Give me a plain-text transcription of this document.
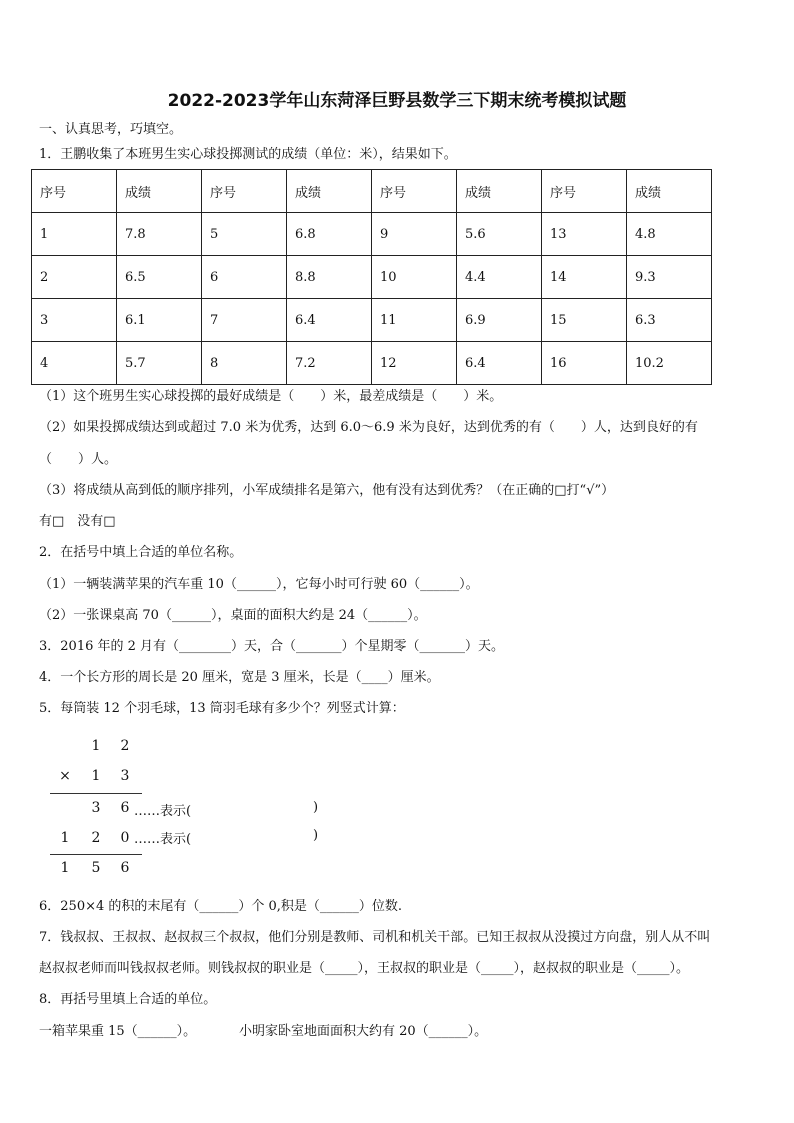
2022-2023学年山东菏泽巨野县数学三下期末统考模拟试题
一、认真思考，巧填空。
1．王鹏收集了本班男生实心球投掷测试的成绩（单位：米），结果如下。
序号	成绩	序号	成绩	序号	成绩	序号	成绩
1	7.8	5	6.8	9	5.6	13	4.8
2	6.5	6	8.8	10	4.4	14	9.3
3	6.1	7	6.4	11	6.9	15	6.3
4	5.7	8	7.2	12	6.4	16	10.2
（1）这个班男生实心球投掷的最好成绩是（　　）米，最差成绩是（　　）米。
（2）如果投掷成绩达到或超过 7.0 米为优秀，达到 6.0～6.9 米为良好，达到优秀的有（　　）人，达到良好的有
（　　）人。
（3）将成绩从高到低的顺序排列，小军成绩排名是第六，他有没有达到优秀？（在正确的□打“√”）
有□　没有□
2．在括号中填上合适的单位名称。
（1）一辆装满苹果的汽车重 10（______），它每小时可行驶 60（______）。
（2）一张课桌高 70（______），桌面的面积大约是 24（______）。
3．2016 年的 2 月有（________）天，合（_______）个星期零（_______）天。
4．一个长方形的周长是 20 厘米，宽是 3 厘米，长是（____）厘米。
5．每筒装 12 个羽毛球，13 筒羽毛球有多少个？列竖式计算：
1 2
× 1 3
3 6 ……表示(	)
1 2 0 ……表示(	)
1 5 6
6．250×4 的积的末尾有（______）个 0,积是（______）位数.
7．钱叔叔、王叔叔、赵叔叔三个叔叔，他们分别是教师、司机和机关干部。已知王叔叔从没摸过方向盘，别人从不叫
赵叔叔老师而叫钱叔叔老师。则钱叔叔的职业是（_____），王叔叔的职业是（_____），赵叔叔的职业是（_____）。
8．再括号里填上合适的单位。
一箱苹果重 15（______）。	小明家卧室地面面积大约有 20（______）。
